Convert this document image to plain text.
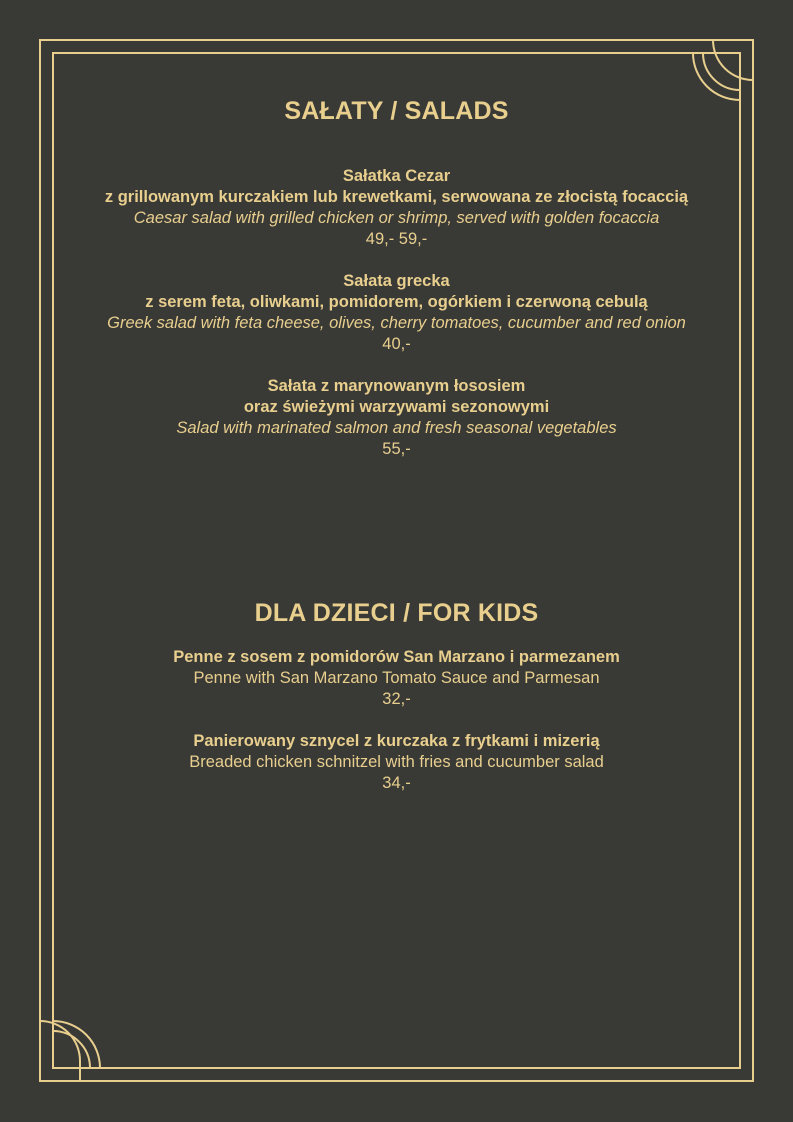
SAŁATY / SALADS
Sałatka Cezar
z grillowanym kurczakiem lub krewetkami, serwowana ze złocistą focaccią
Caesar salad with grilled chicken or shrimp, served with golden focaccia
49,- 59,-
Sałata grecka
z serem feta, oliwkami, pomidorem, ogórkiem i czerwoną cebulą
Greek salad with feta cheese, olives, cherry tomatoes, cucumber and red onion
40,-
Sałata z marynowanym łososiem
oraz świeżymi warzywami sezonowymi
Salad with marinated salmon and fresh seasonal vegetables
55,-
DLA DZIECI / FOR KIDS
Penne z sosem z pomidorów San Marzano i parmezanem
Penne with San Marzano Tomato Sauce and Parmesan
32,-
Panierowany sznycel z kurczaka z frytkami i mizerią
Breaded chicken schnitzel with fries and cucumber salad
34,-
